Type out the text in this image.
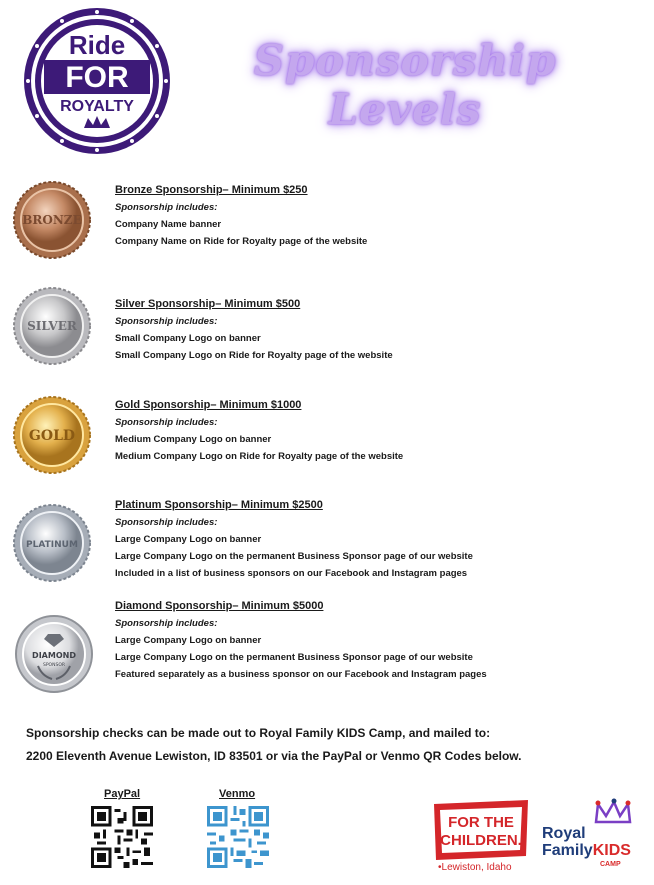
Ride
FOR
ROYALTY
Sponsorship Levels
BRONZE
Bronze Sponsorship– Minimum $250
Sponsorship includes:
Company Name banner
Company Name on Ride for Royalty page of the website
SILVER
Silver Sponsorship– Minimum $500
Sponsorship includes:
Small Company Logo on banner
Small Company Logo on Ride for Royalty page of the website
GOLD
Gold Sponsorship– Minimum $1000
Sponsorship includes:
Medium Company Logo on banner
Medium Company Logo on Ride for Royalty page of the website
PLATINUM
Platinum Sponsorship– Minimum $2500
Sponsorship includes:
Large Company Logo on banner
Large Company Logo on the permanent Business Sponsor page of our website
Included in a list of business sponsors on our Facebook and Instagram pages
DIAMOND
SPONSOR
Diamond Sponsorship– Minimum $5000
Sponsorship includes:
Large Company Logo on banner
Large Company Logo on the permanent Business Sponsor page of our website
Featured separately as a business sponsor on our Facebook and Instagram pages
Sponsorship checks can be made out to Royal Family KIDS Camp, and mailed to:
2200 Eleventh Avenue Lewiston, ID 83501 or via the PayPal or Venmo QR Codes below.
PayPal	Venmo
FOR THE
CHILDREN.
•Lewiston, Idaho
Royal
FamilyKIDS
CAMP
